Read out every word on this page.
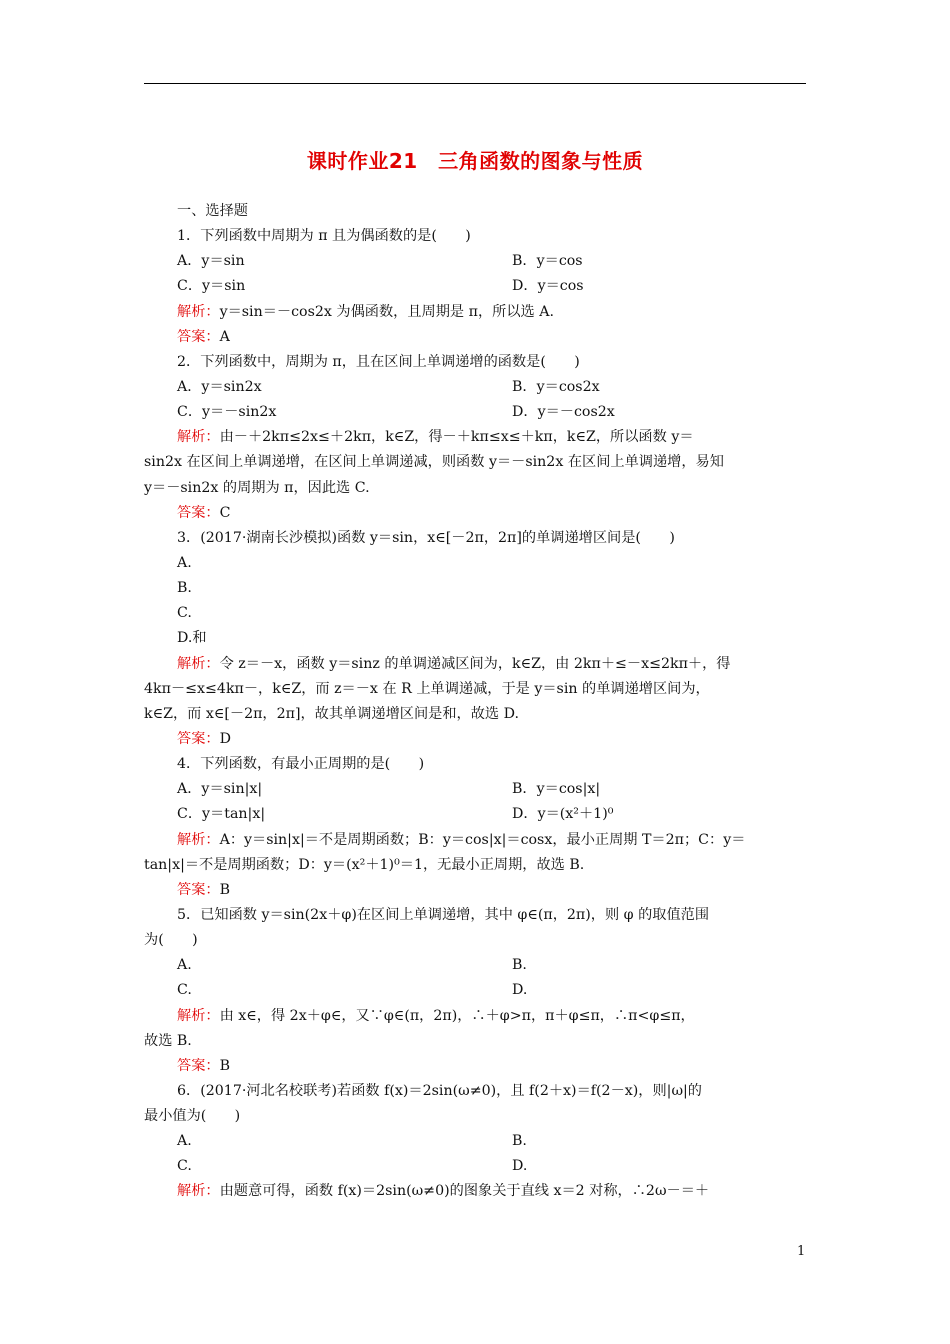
课时作业21　三角函数的图象与性质
一、选择题
1．下列函数中周期为 π 且为偶函数的是(　　)
A．y＝sin	B．y＝cos
C．y＝sin	D．y＝cos
解析：y＝sin＝－cos2x 为偶函数，且周期是 π，所以选 A.
答案：A
2．下列函数中，周期为 π，且在区间上单调递增的函数是(　　)
A．y＝sin2x	B．y＝cos2x
C．y＝－sin2x	D．y＝－cos2x
解析：由－＋2kπ≤2x≤＋2kπ，k∈Z，得－＋kπ≤x≤＋kπ，k∈Z，所以函数 y＝
sin2x 在区间上单调递增，在区间上单调递减，则函数 y＝－sin2x 在区间上单调递增，易知
y＝－sin2x 的周期为 π，因此选 C.
答案：C
3．(2017·湖南长沙模拟)函数 y＝sin，x∈[－2π，2π]的单调递增区间是(　　)
A.
B.
C.
D.和
解析：令 z＝－x，函数 y＝sinz 的单调递减区间为，k∈Z，由 2kπ＋≤－x≤2kπ＋，得
4kπ－≤x≤4kπ－，k∈Z，而 z＝－x 在 R 上单调递减，于是 y＝sin 的单调递增区间为，
k∈Z，而 x∈[－2π，2π]，故其单调递增区间是和，故选 D.
答案：D
4．下列函数，有最小正周期的是(　　)
A．y＝sin|x|	B．y＝cos|x|
C．y＝tan|x|	D．y＝(x²＋1)⁰
解析：A：y＝sin|x|＝不是周期函数；B：y＝cos|x|＝cosx，最小正周期 T＝2π；C：y＝
tan|x|＝不是周期函数；D：y＝(x²＋1)⁰＝1，无最小正周期，故选 B.
答案：B
5．已知函数 y＝sin(2x＋φ)在区间上单调递增，其中 φ∈(π，2π)，则 φ 的取值范围
为(　　)
A.	B.
C.	D.
解析：由 x∈，得 2x＋φ∈，又∵φ∈(π，2π)，∴＋φ>π，π＋φ≤π，∴π<φ≤π，
故选 B.
答案：B
6．(2017·河北名校联考)若函数 f(x)＝2sin(ω≠0)，且 f(2＋x)＝f(2－x)，则|ω|的
最小值为(　　)
A.	B.
C.	D.
解析：由题意可得，函数 f(x)＝2sin(ω≠0)的图象关于直线 x＝2 对称，∴2ω－＝＋
1
